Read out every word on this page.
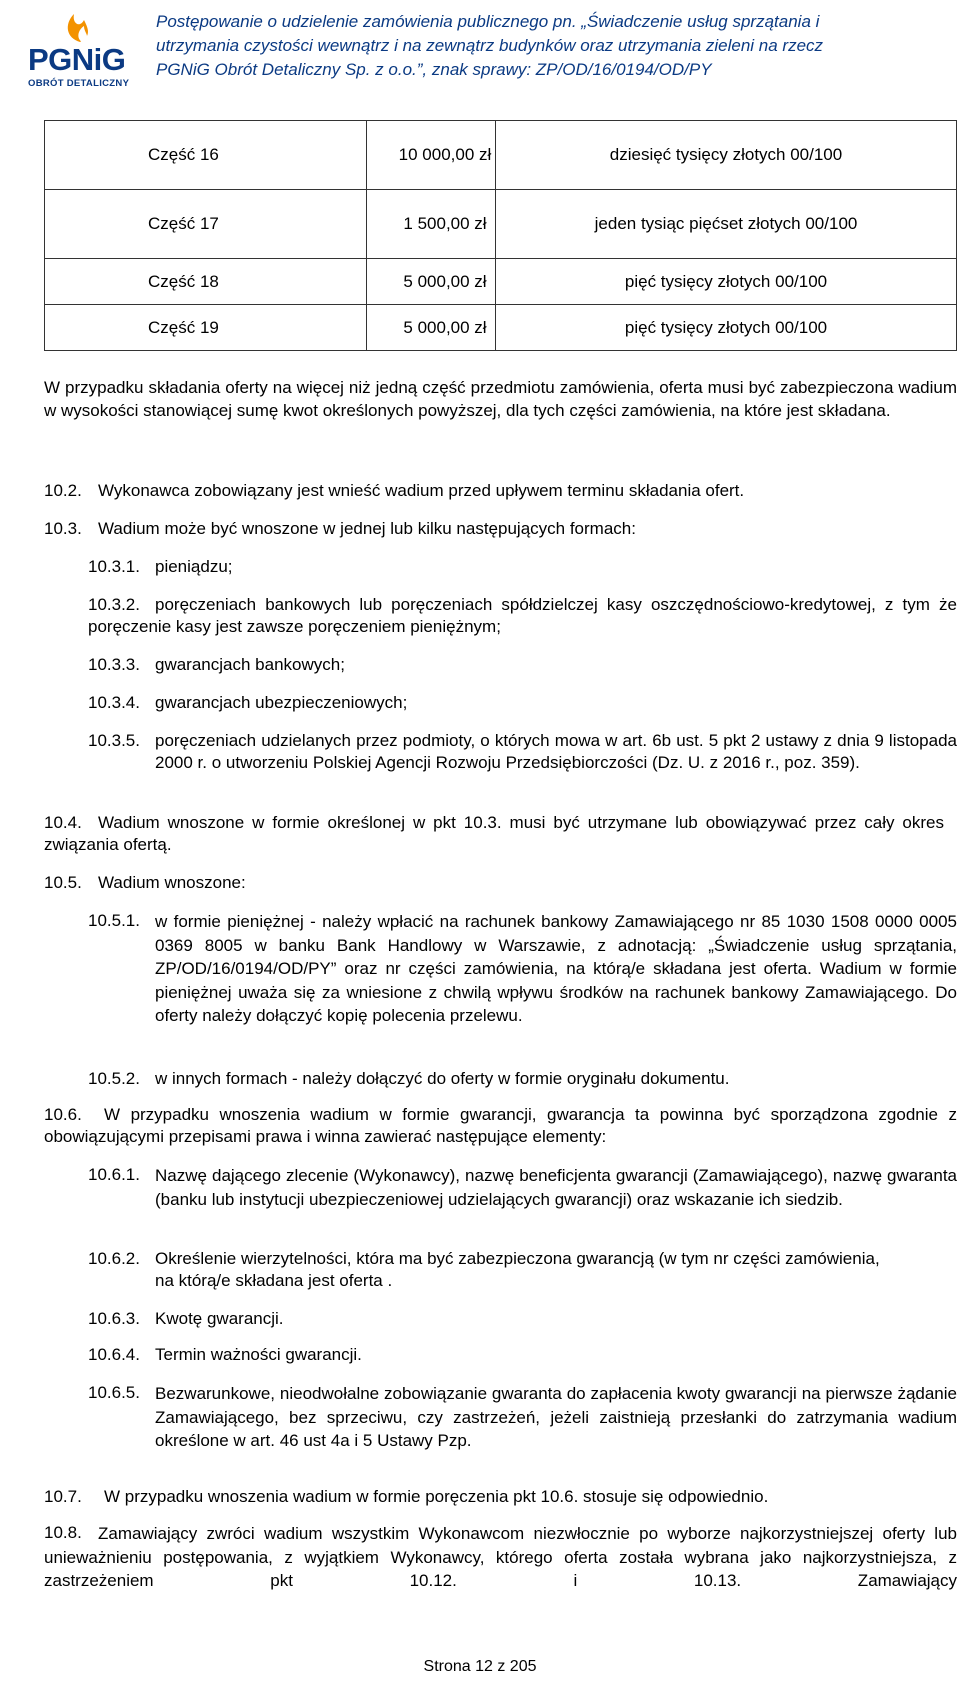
PGNiG
OBRÓT DETALICZNY
Postępowanie o udzielenie zamówienia publicznego pn. „Świadczenie usług sprzątania i
utrzymania czystości wewnątrz i na zewnątrz budynków oraz utrzymania zieleni na rzecz
PGNiG Obrót Detaliczny Sp. z o.o.”, znak sprawy: ZP/OD/16/0194/OD/PY
Część 16	10 000,00 zł	dziesięć tysięcy złotych 00/100
Część 17	1 500,00 zł	jeden tysiąc pięćset złotych 00/100
Część 18	5 000,00 zł	pięć tysięcy złotych 00/100
Część 19	5 000,00 zł	pięć tysięcy złotych 00/100

W przypadku składania oferty na więcej niż jedną część przedmiotu zamówienia, oferta musi być zabezpieczona wadium w wysokości stanowiącej sumę kwot określonych powyższej, dla tych części zamówienia, na które jest składana.

10.2. Wykonawca zobowiązany jest wnieść wadium przed upływem terminu składania ofert.
10.3. Wadium może być wnoszone w jednej lub kilku następujących formach:
10.3.1. pieniądzu;
10.3.2. poręczeniach bankowych lub poręczeniach spółdzielczej kasy oszczędnościowo-kredytowej, z tym że poręczenie kasy jest zawsze poręczeniem pieniężnym;
10.3.3. gwarancjach bankowych;
10.3.4. gwarancjach ubezpieczeniowych;
10.3.5. poręczeniach udzielanych przez podmioty, o których mowa w art. 6b ust. 5 pkt 2 ustawy z dnia 9 listopada 2000 r. o utworzeniu Polskiej Agencji Rozwoju Przedsiębiorczości (Dz. U. z 2016 r., poz. 359).
10.4. Wadium wnoszone w formie określonej w pkt 10.3. musi być utrzymane lub obowiązywać przez cały okres związania ofertą.
10.5. Wadium wnoszone:
10.5.1. w formie pieniężnej - należy wpłacić na rachunek bankowy Zamawiającego nr 85 1030 1508 0000 0005 0369 8005 w banku Bank Handlowy w Warszawie, z adnotacją: „Świadczenie usług sprzątania, ZP/OD/16/0194/OD/PY” oraz nr części zamówienia, na którą/e składana jest oferta. Wadium w formie pieniężnej uważa się za wniesione z chwilą wpływu środków na rachunek bankowy Zamawiającego. Do oferty należy dołączyć kopię polecenia przelewu.
10.5.2. w innych formach - należy dołączyć do oferty w formie oryginału dokumentu.
10.6.	W przypadku wnoszenia wadium w formie gwarancji, gwarancja ta powinna być sporządzona zgodnie z obowiązującymi przepisami prawa i winna zawierać następujące elementy:
10.6.1. Nazwę dającego zlecenie (Wykonawcy), nazwę beneficjenta gwarancji (Zamawiającego), nazwę gwaranta (banku lub instytucji ubezpieczeniowej udzielających gwarancji) oraz wskazanie ich siedzib.
10.6.2. Określenie wierzytelności, która ma być zabezpieczona gwarancją (w tym nr części zamówienia, na którą/e składana jest oferta .
10.6.3. Kwotę gwarancji.
10.6.4. Termin ważności gwarancji.
10.6.5. Bezwarunkowe, nieodwołalne zobowiązanie gwaranta do zapłacenia kwoty gwarancji na pierwsze żądanie Zamawiającego, bez sprzeciwu, czy zastrzeżeń, jeżeli zaistnieją przesłanki do zatrzymania wadium określone w art. 46 ust 4a i 5 Ustawy Pzp.
10.7. W przypadku wnoszenia wadium w formie poręczenia pkt 10.6. stosuje się odpowiednio.
10.8. Zamawiający zwróci wadium wszystkim Wykonawcom niezwłocznie po wyborze najkorzystniejszej oferty lub unieważnieniu postępowania, z wyjątkiem Wykonawcy, którego oferta została wybrana jako najkorzystniejsza, z zastrzeżeniem pkt 10.12. i 10.13. Zamawiający
Strona 12 z 205
